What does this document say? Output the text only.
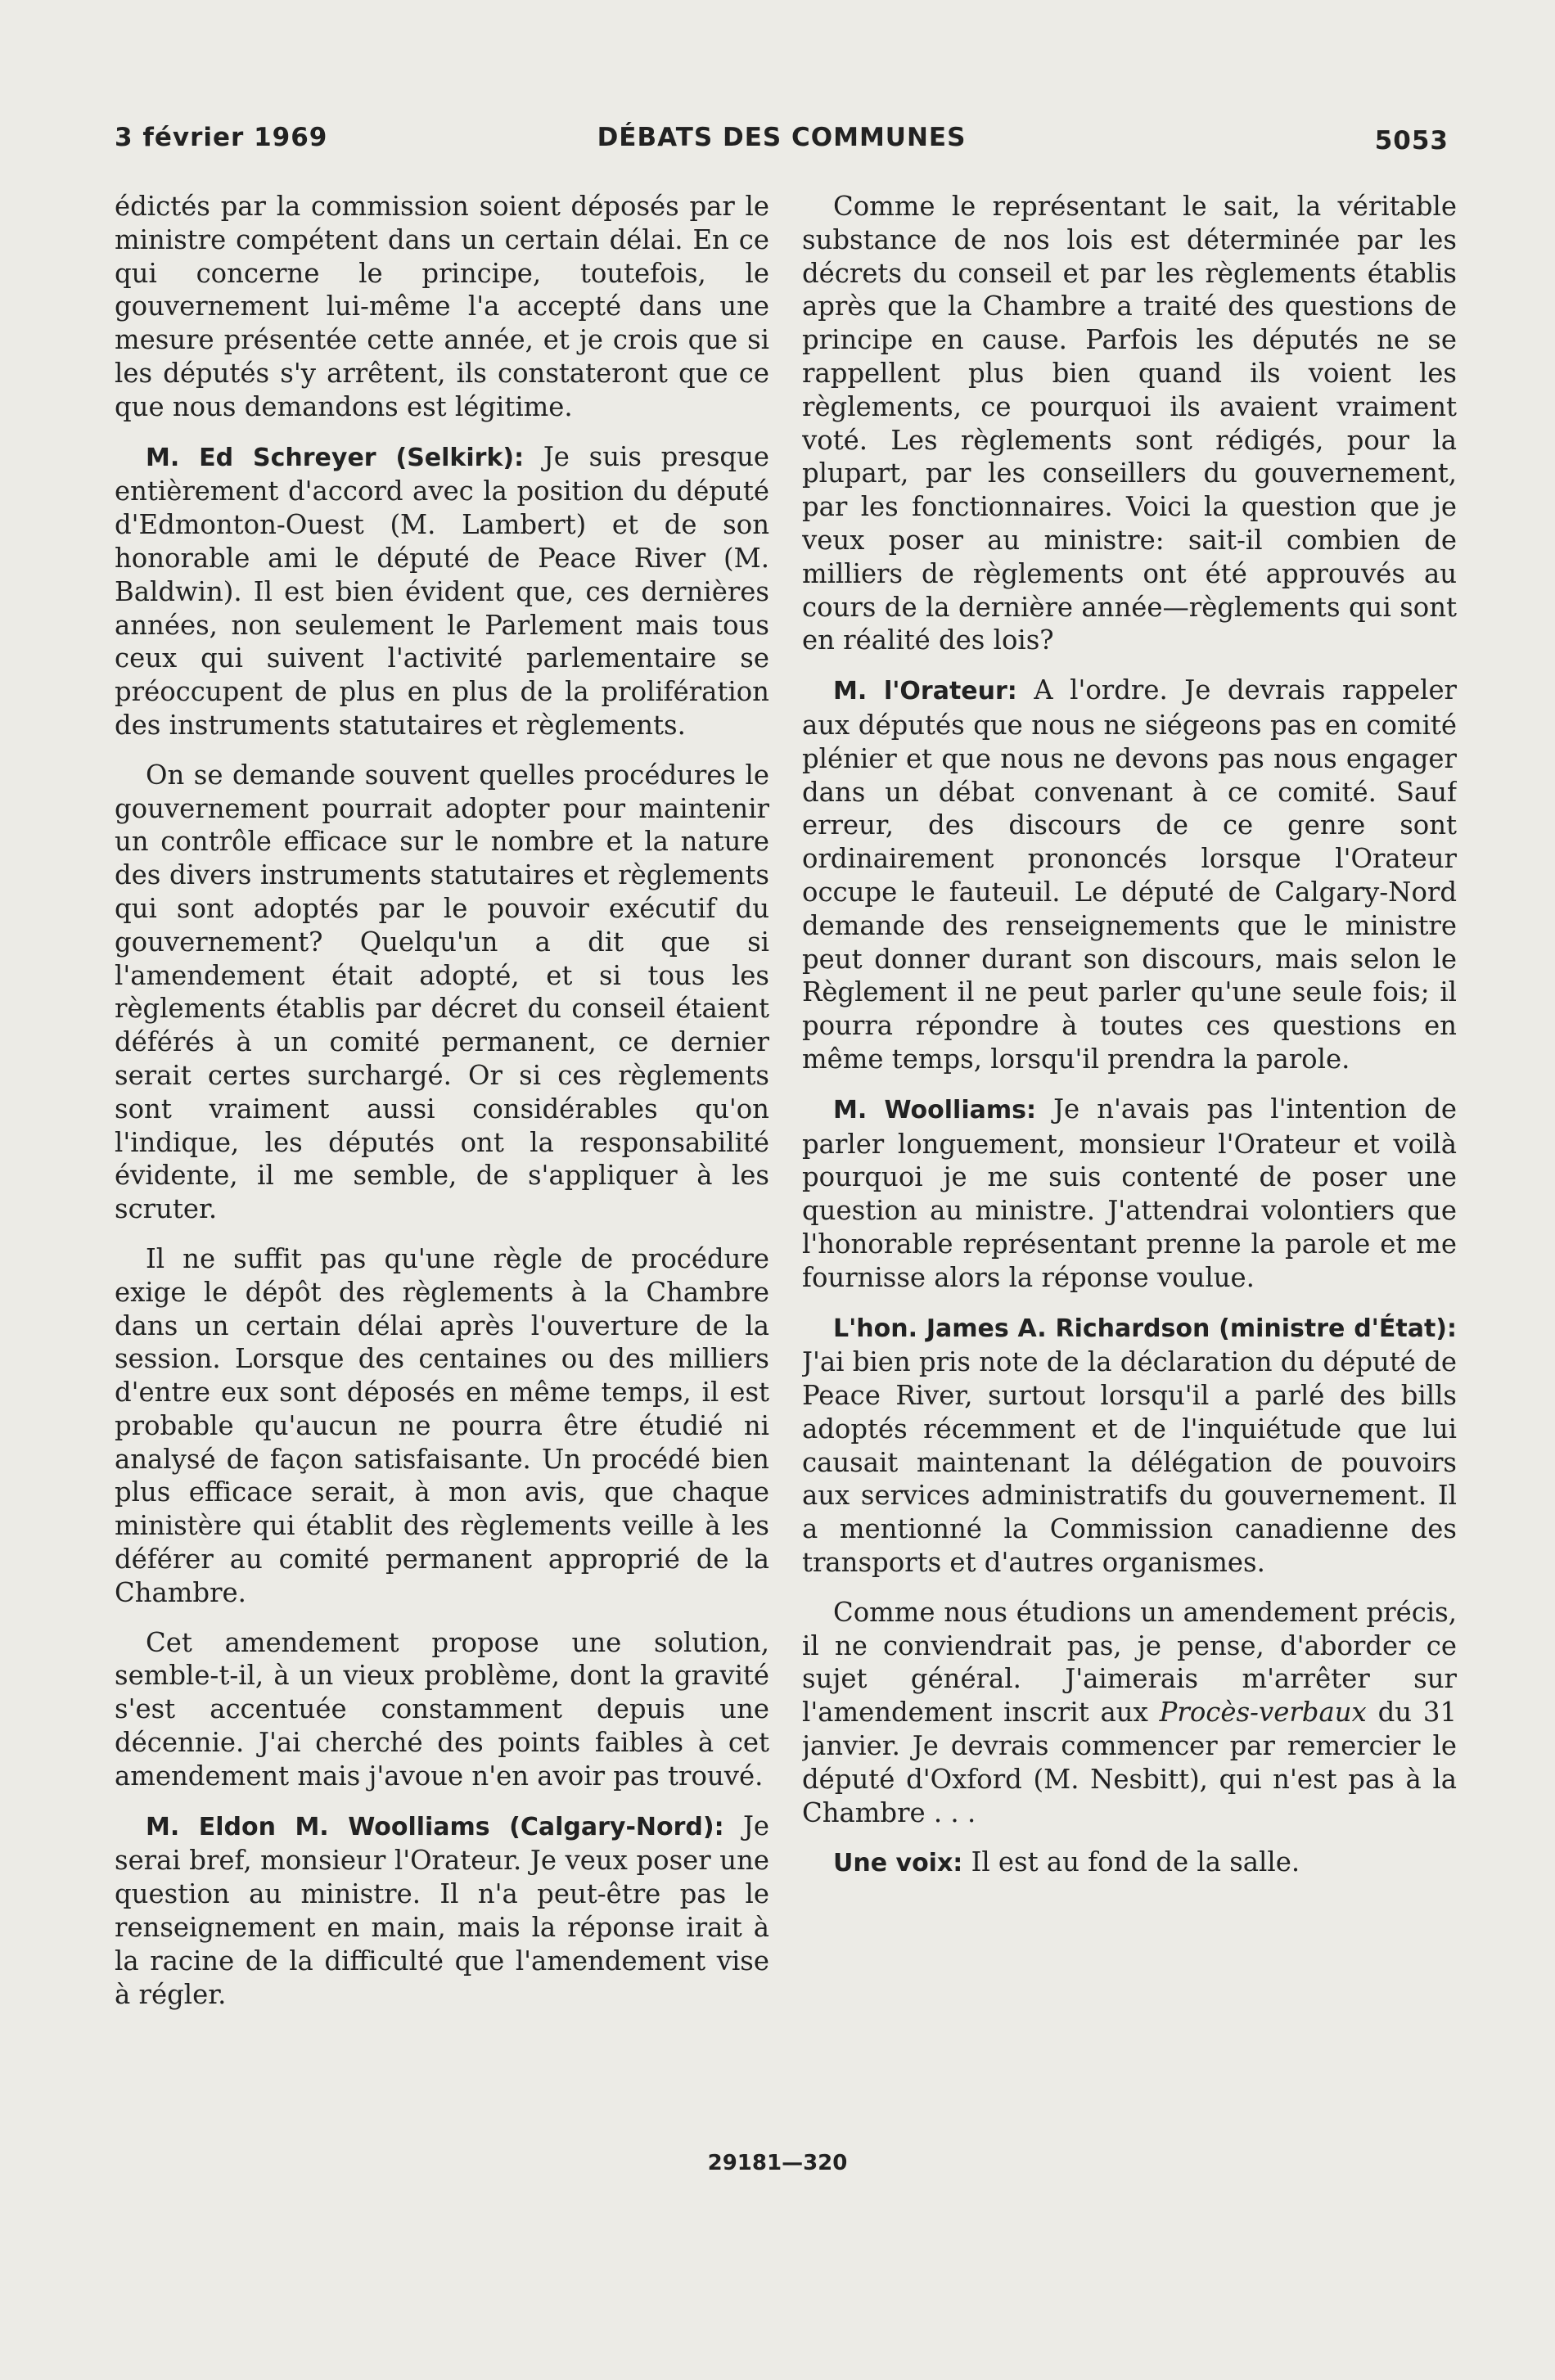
3 février 1969	DÉBATS DES COMMUNES	5053

édictés par la commission soient déposés par le ministre compétent dans un certain délai. En ce qui concerne le principe, toutefois, le gouvernement lui-même l'a accepté dans une mesure présentée cette année, et je crois que si les députés s'y arrêtent, ils constateront que ce que nous demandons est légitime.

M. Ed Schreyer (Selkirk): Je suis presque entièrement d'accord avec la position du député d'Edmonton-Ouest (M. Lambert) et de son honorable ami le député de Peace River (M. Baldwin). Il est bien évident que, ces dernières années, non seulement le Parlement mais tous ceux qui suivent l'activité parlementaire se préoccupent de plus en plus de la prolifération des instruments statutaires et règlements.

On se demande souvent quelles procédures le gouvernement pourrait adopter pour maintenir un contrôle efficace sur le nombre et la nature des divers instruments statutaires et règlements qui sont adoptés par le pouvoir exécutif du gouvernement? Quelqu'un a dit que si l'amendement était adopté, et si tous les règlements établis par décret du conseil étaient déférés à un comité permanent, ce dernier serait certes surchargé. Or si ces règlements sont vraiment aussi considérables qu'on l'indique, les députés ont la responsabilité évidente, il me semble, de s'appliquer à les scruter.

Il ne suffit pas qu'une règle de procédure exige le dépôt des règlements à la Chambre dans un certain délai après l'ouverture de la session. Lorsque des centaines ou des milliers d'entre eux sont déposés en même temps, il est probable qu'aucun ne pourra être étudié ni analysé de façon satisfaisante. Un procédé bien plus efficace serait, à mon avis, que chaque ministère qui établit des règlements veille à les déférer au comité permanent approprié de la Chambre.

Cet amendement propose une solution, semble-t-il, à un vieux problème, dont la gravité s'est accentuée constamment depuis une décennie. J'ai cherché des points faibles à cet amendement mais j'avoue n'en avoir pas trouvé.

M. Eldon M. Woolliams (Calgary-Nord): Je serai bref, monsieur l'Orateur. Je veux poser une question au ministre. Il n'a peut-être pas le renseignement en main, mais la réponse irait à la racine de la difficulté que l'amendement vise à régler.

Comme le représentant le sait, la véritable substance de nos lois est déterminée par les décrets du conseil et par les règlements établis après que la Chambre a traité des questions de principe en cause. Parfois les députés ne se rappellent plus bien quand ils voient les règlements, ce pourquoi ils avaient vraiment voté. Les règlements sont rédigés, pour la plupart, par les conseillers du gouvernement, par les fonctionnaires. Voici la question que je veux poser au ministre: sait-il combien de milliers de règlements ont été approuvés au cours de la dernière année—règlements qui sont en réalité des lois?

M. l'Orateur: A l'ordre. Je devrais rappeler aux députés que nous ne siégeons pas en comité plénier et que nous ne devons pas nous engager dans un débat convenant à ce comité. Sauf erreur, des discours de ce genre sont ordinairement prononcés lorsque l'Orateur occupe le fauteuil. Le député de Calgary-Nord demande des renseignements que le ministre peut donner durant son discours, mais selon le Règlement il ne peut parler qu'une seule fois; il pourra répondre à toutes ces questions en même temps, lorsqu'il prendra la parole.

M. Woolliams: Je n'avais pas l'intention de parler longuement, monsieur l'Orateur et voilà pourquoi je me suis contenté de poser une question au ministre. J'attendrai volontiers que l'honorable représentant prenne la parole et me fournisse alors la réponse voulue.

L'hon. James A. Richardson (ministre d'État): J'ai bien pris note de la déclaration du député de Peace River, surtout lorsqu'il a parlé des bills adoptés récemment et de l'inquiétude que lui causait maintenant la délégation de pouvoirs aux services administratifs du gouvernement. Il a mentionné la Commission canadienne des transports et d'autres organismes.

Comme nous étudions un amendement précis, il ne conviendrait pas, je pense, d'aborder ce sujet général. J'aimerais m'arrêter sur l'amendement inscrit aux Procès-verbaux du 31 janvier. Je devrais commencer par remercier le député d'Oxford (M. Nesbitt), qui n'est pas à la Chambre . . .

Une voix: Il est au fond de la salle.

29181—320
